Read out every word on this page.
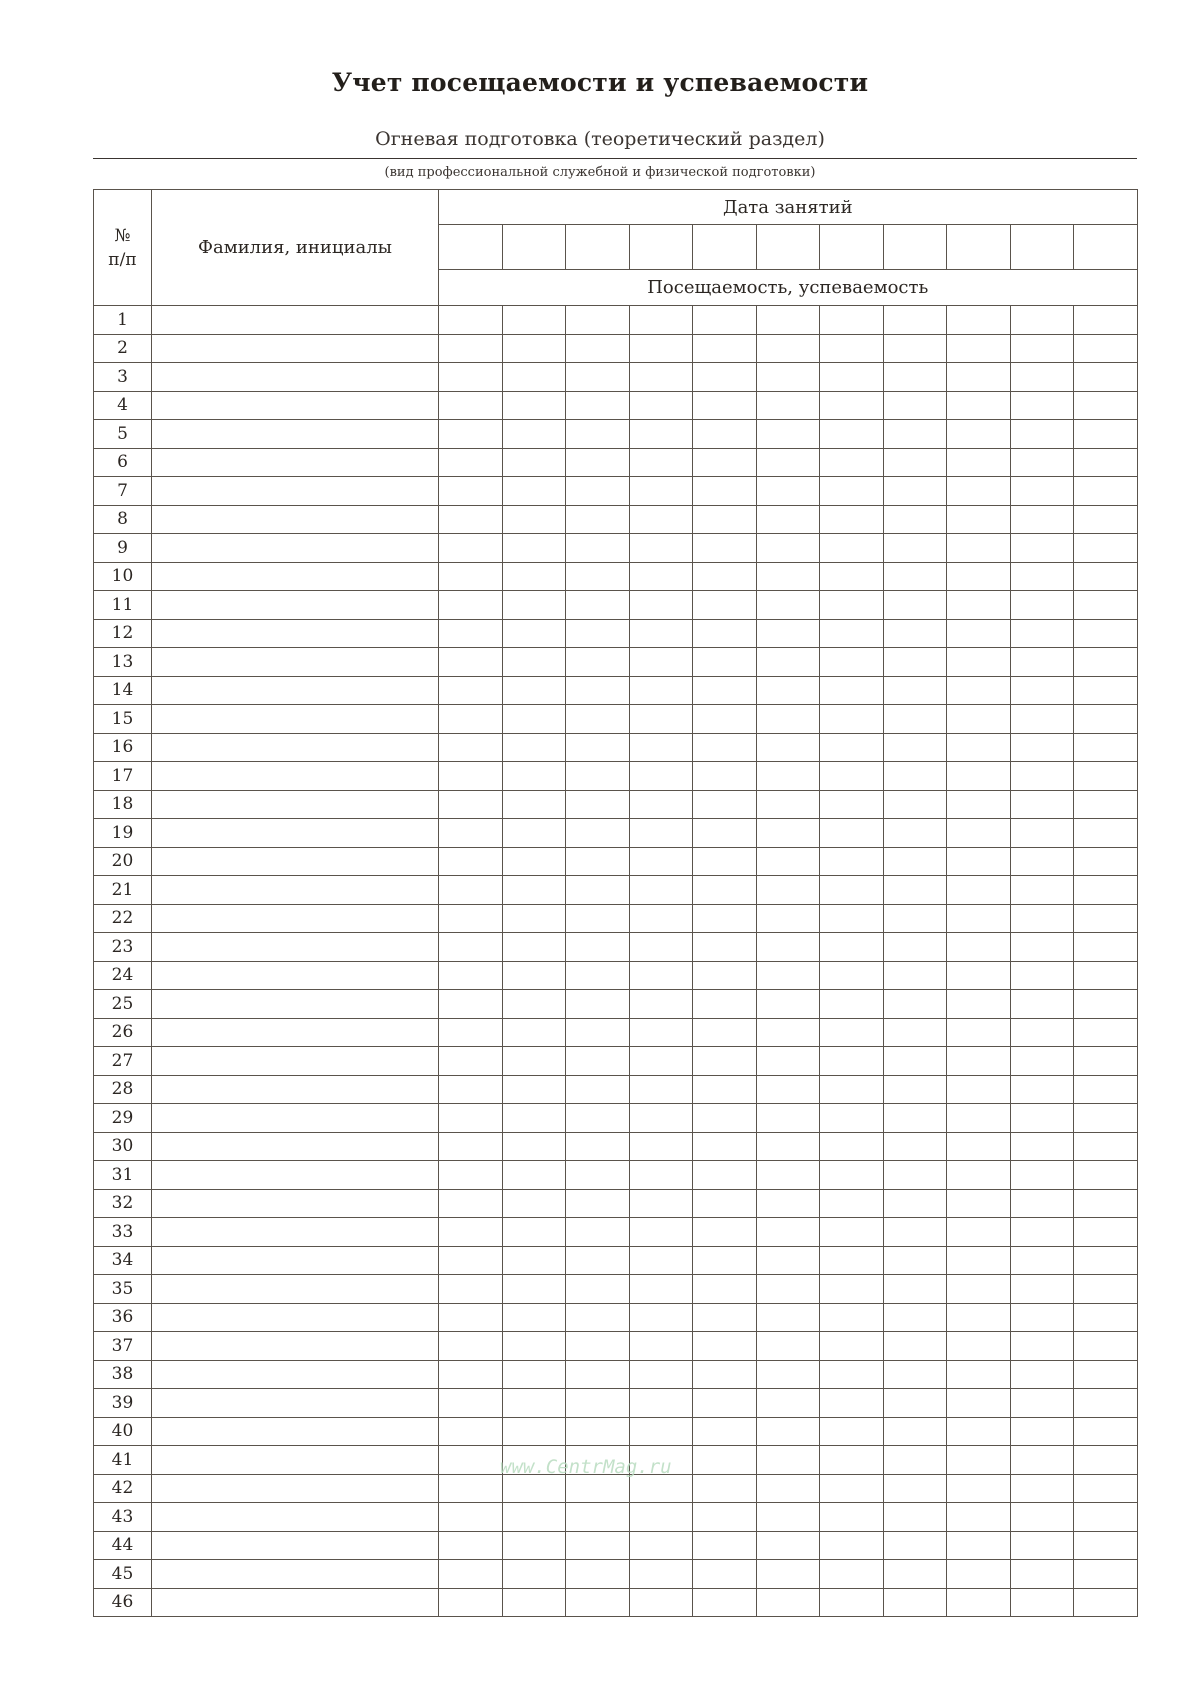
Учет посещаемости и успеваемости
Огневая подготовка (теоретический раздел)
(вид профессиональной служебной и физической подготовки)
№ п/п	Фамилия, инициалы	Дата занятий										

		Посещаемость, успеваемость										
1												
2												
3												
4												
5												
6												
7												
8												
9												
10												
11												
12												
13												
14												
15												
16												
17												
18												
19												
20												
21												
22												
23												
24												
25												
26												
27												
28												
29												
30												
31												
32												
33												
34												
35												
36												
37												
38												
39												
40												
41												
42												
43												
44												
45												
46												
www.CentrMag.ru
